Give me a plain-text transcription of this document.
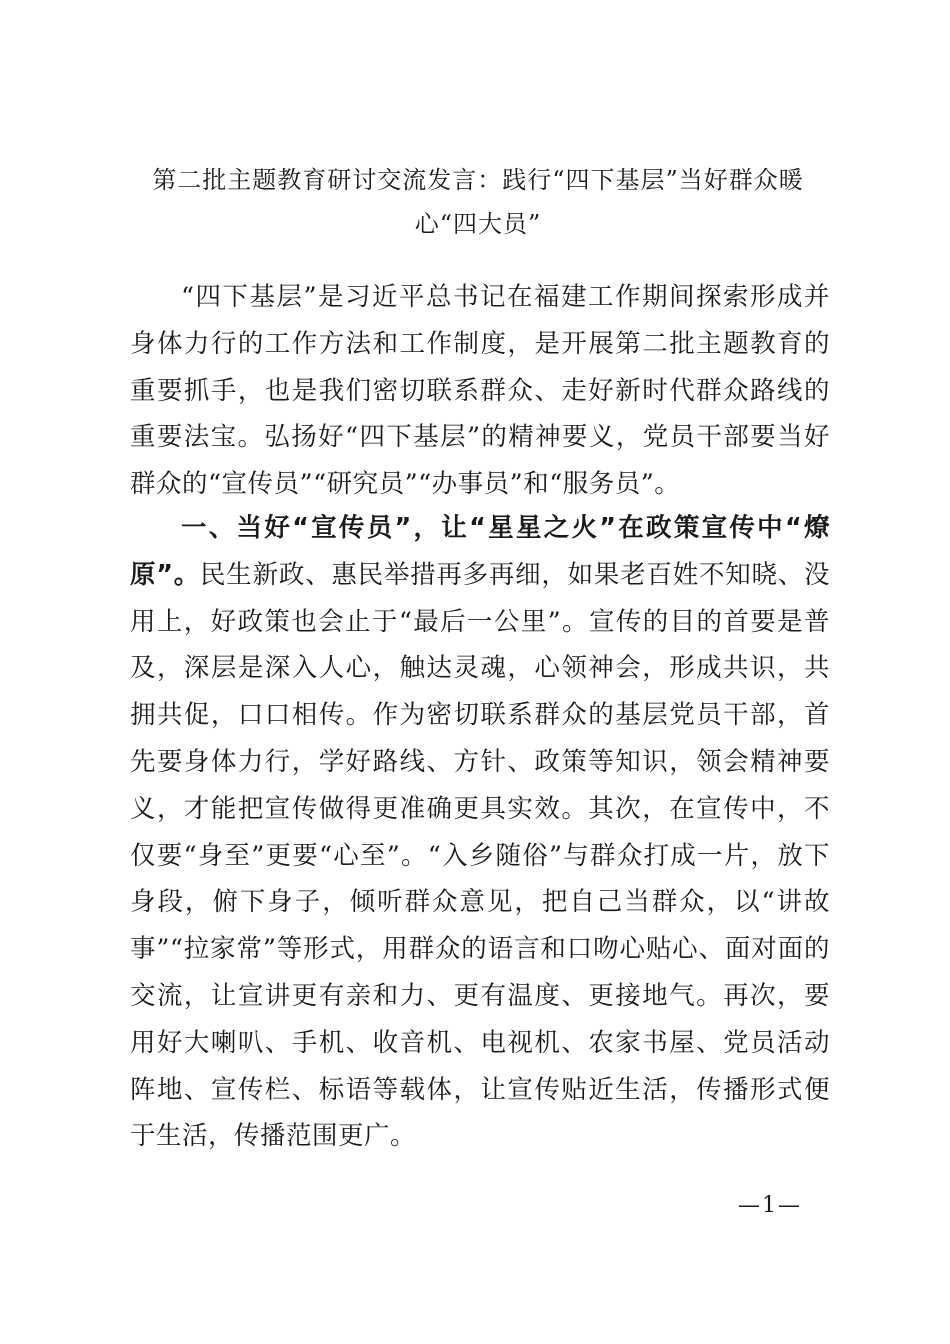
第二批主题教育研讨交流发言：践行“四下基层”当好群众暖心“四大员”

“四下基层”是习近平总书记在福建工作期间探索形成并身体力行的工作方法和工作制度，是开展第二批主题教育的重要抓手，也是我们密切联系群众、走好新时代群众路线的重要法宝。弘扬好“四下基层”的精神要义，党员干部要当好群众的“宣传员”“研究员”“办事员”和“服务员”。

一、当好“宣传员”，让“星星之火”在政策宣传中“燎原”。民生新政、惠民举措再多再细，如果老百姓不知晓、没用上，好政策也会止于“最后一公里”。宣传的目的首要是普及，深层是深入人心，触达灵魂，心领神会，形成共识，共拥共促，口口相传。作为密切联系群众的基层党员干部，首先要身体力行，学好路线、方针、政策等知识，领会精神要义，才能把宣传做得更准确更具实效。其次，在宣传中，不仅要“身至”更要“心至”。“入乡随俗”与群众打成一片，放下身段，俯下身子，倾听群众意见，把自己当群众，以“讲故事”“拉家常”等形式，用群众的语言和口吻心贴心、面对面的交流，让宣讲更有亲和力、更有温度、更接地气。再次，要用好大喇叭、手机、收音机、电视机、农家书屋、党员活动阵地、宣传栏、标语等载体，让宣传贴近生活，传播形式便于生活，传播范围更广。

—1—
